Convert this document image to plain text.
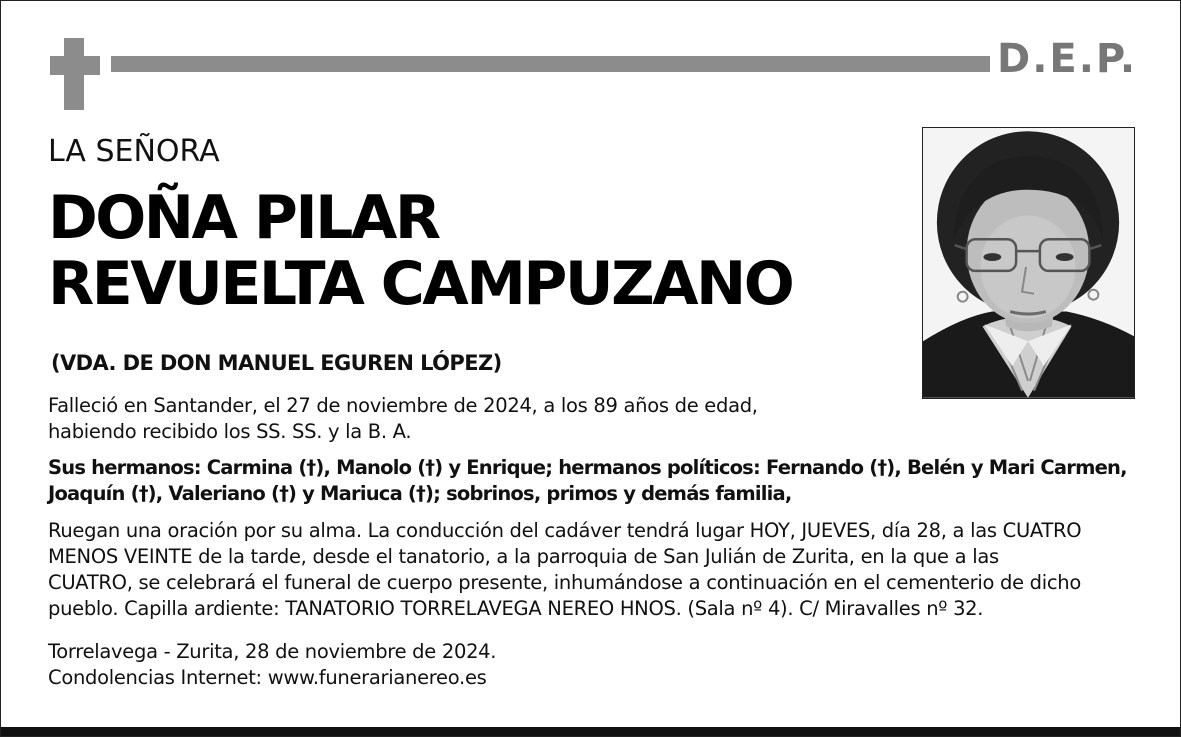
D.E.P.
LA SEÑORA
DOÑA PILAR
REVUELTA CAMPUZANO
(VDA. DE DON MANUEL EGUREN LÓPEZ)
Falleció en Santander, el 27 de noviembre de 2024, a los 89 años de edad,
habiendo recibido los SS. SS. y la B. A.
Sus hermanos: Carmina (†), Manolo (†) y Enrique; hermanos políticos: Fernando (†), Belén y Mari Carmen,
Joaquín (†), Valeriano (†) y Mariuca (†); sobrinos, primos y demás familia,
Ruegan una oración por su alma. La conducción del cadáver tendrá lugar HOY, JUEVES, día 28, a las CUATRO
MENOS VEINTE de la tarde, desde el tanatorio, a la parroquia de San Julián de Zurita, en la que a las
CUATRO, se celebrará el funeral de cuerpo presente, inhumándose a continuación en el cementerio de dicho
pueblo. Capilla ardiente: TANATORIO TORRELAVEGA NEREO HNOS. (Sala nº 4). C/ Miravalles nº 32.
Torrelavega - Zurita, 28 de noviembre de 2024.
Condolencias Internet: www.funerarianereo.es
